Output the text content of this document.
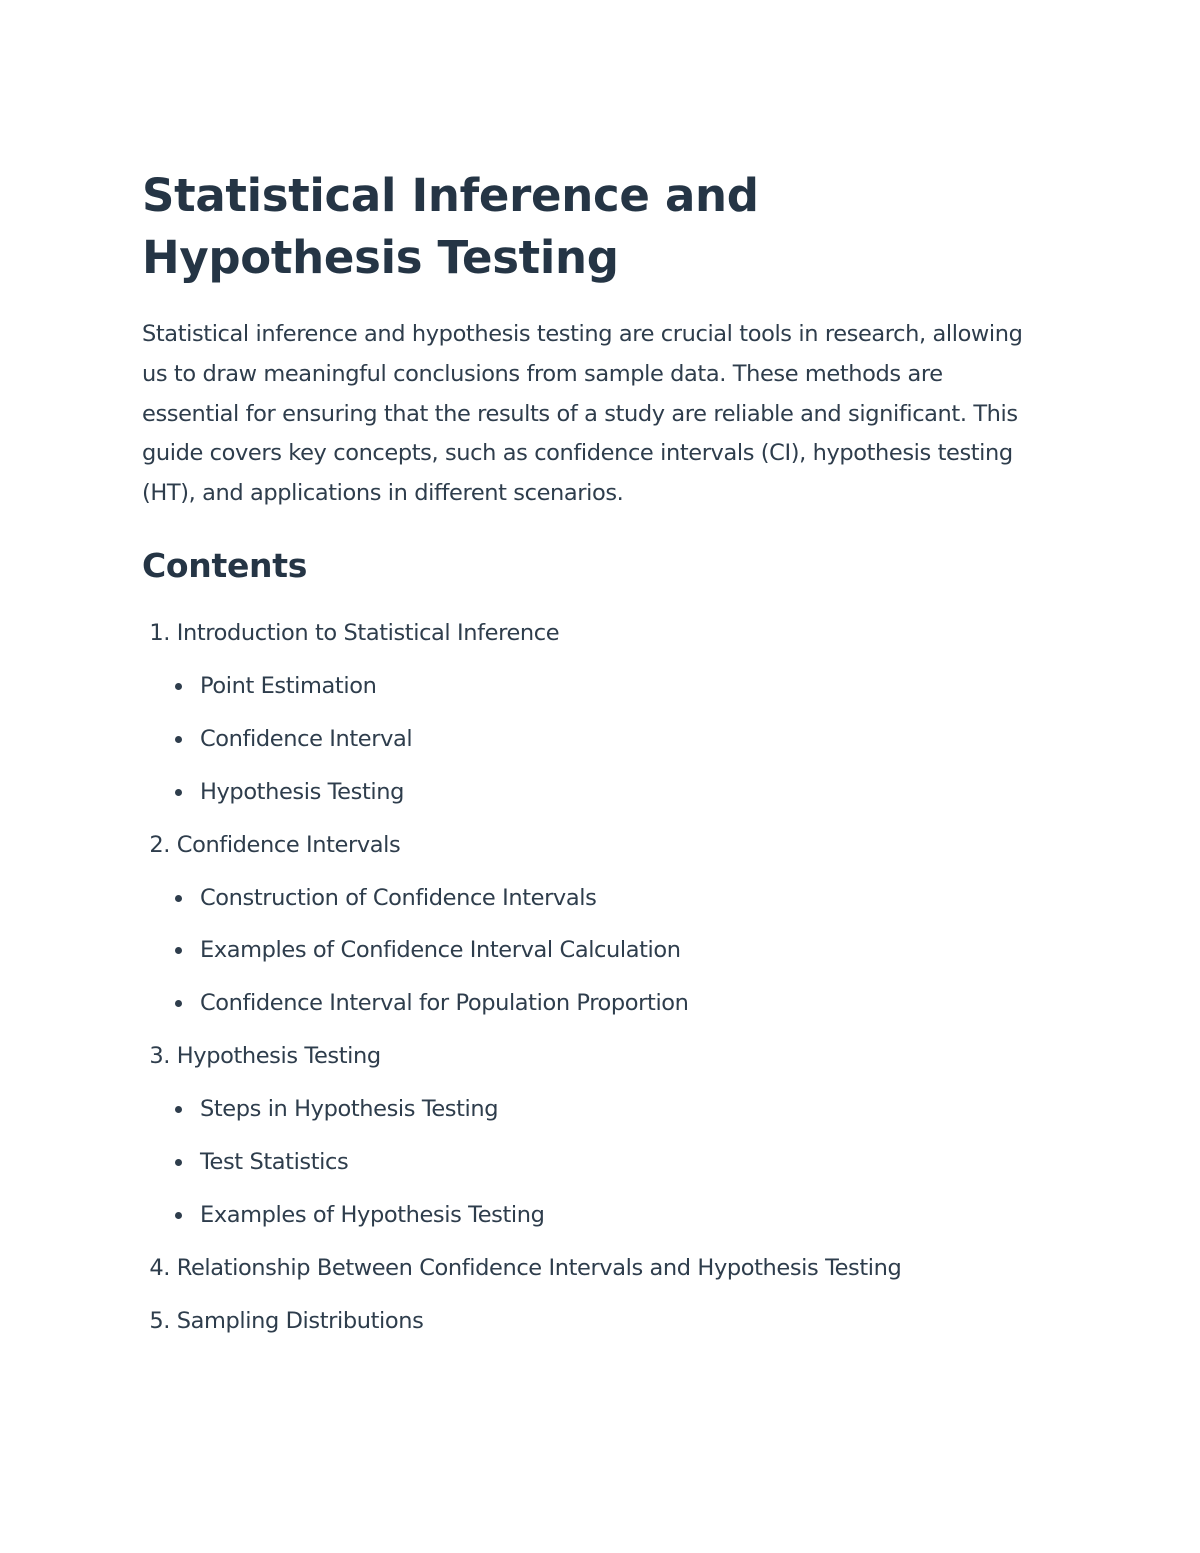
Statistical Inference and Hypothesis Testing

Statistical inference and hypothesis testing are crucial tools in research, allowing us to draw meaningful conclusions from sample data. These methods are essential for ensuring that the results of a study are reliable and significant. This guide covers key concepts, such as confidence intervals (CI), hypothesis testing (HT), and applications in different scenarios.

Contents
1. Introduction to Statistical Inference
Point Estimation
Confidence Interval
Hypothesis Testing
2. Confidence Intervals
Construction of Confidence Intervals
Examples of Confidence Interval Calculation
Confidence Interval for Population Proportion
3. Hypothesis Testing
Steps in Hypothesis Testing
Test Statistics
Examples of Hypothesis Testing
4. Relationship Between Confidence Intervals and Hypothesis Testing
5. Sampling Distributions
